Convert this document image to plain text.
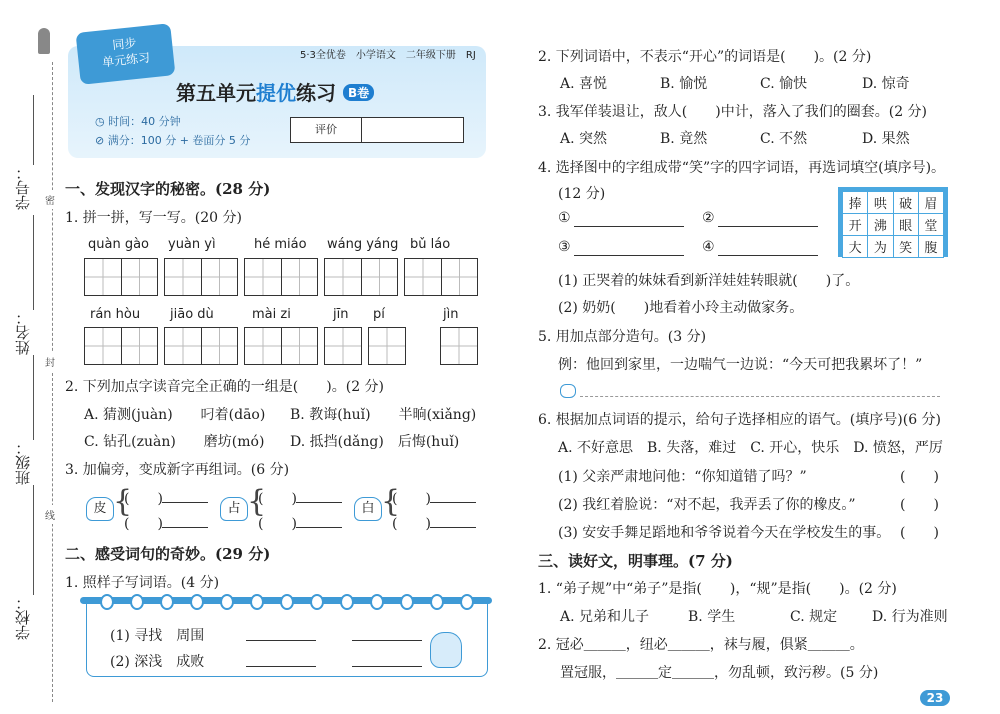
学号：
姓名：
班级：
学校：
密
封
线
同步
单元练习	5·3全优卷　小学语文　二年级下册　RJ
第五单元提优练习 B卷
◷ 时间：40 分钟
⊘ 满分：100 分 + 卷面分 5 分
评价
一、发现汉字的秘密。(28 分)
1. 拼一拼，写一写。(20 分)
quàn gào yuàn yì	hé miáo wáng yáng bǔ láo
rán hòu jiāo dù	mài zi	jīn pí	jìn
2. 下列加点字读音完全正确的一组是(　　)。(2 分)
A. 猜测(juàn)　　叼着(dāo) B. 教诲(huǐ)　　半晌(xiǎng)
C. 钻孔(zuàn)　　磨坊(mó) D. 抵挡(dǎng)　后悔(huǐ)
3. 加偏旁，变成新字再组词。(6 分)
皮 {
(　　)
(　　)
占 {
(　　)
(　　)
白 {
(　　)
(　　)
二、感受词句的奇妙。(29 分)
1. 照样子写词语。(4 分)
(1) 寻找　周围
(2) 深浅　成败
2. 下列词语中，不表示“开心”的词语是(　　)。(2 分)
A. 喜悦	B. 愉悦	C. 愉快	D. 惊奇
3. 我军佯装退让，敌人(　　)中计，落入了我们的圈套。(2 分)
A. 突然	B. 竟然	C. 不然	D. 果然
4. 选择图中的字组成带“笑”字的四字词语，再选词填空(填序号)。
(12 分)
①	②
③	④
捧	哄	破	眉
开	沸	眼	堂
大	为	笑	腹
(1) 正哭着的妹妹看到新洋娃娃转眼就(　　)了。
(2) 奶奶(　　)地看着小玲主动做家务。
5. 用加点部分造句。(3 分)
例：他回到家里，一边喘气一边说：“今天可把我累坏了！”
6. 根据加点词语的提示，给句子选择相应的语气。(填序号)(6 分)
A. 不好意思　B. 失落，难过　C. 开心，快乐　D. 愤怒，严厉
(1) 父亲严肃地问他：“你知道错了吗？”	(　　)
(2) 我红着脸说：“对不起，我弄丢了你的橡皮。”	(　　)
(3) 安安手舞足蹈地和爷爷说着今天在学校发生的事。 (　　)
三、读好文，明事理。(7 分)
1. “弟子规”中“弟子”是指(　　)，“规”是指(　　)。(2 分)
A. 兄弟和儿子	B. 学生	C. 规定 D. 行为准则
2. 冠必＿＿＿，纽必＿＿＿，袜与履，俱紧＿＿＿。
置冠服，＿＿＿定＿＿＿，勿乱顿，致污秽。(5 分)
23
